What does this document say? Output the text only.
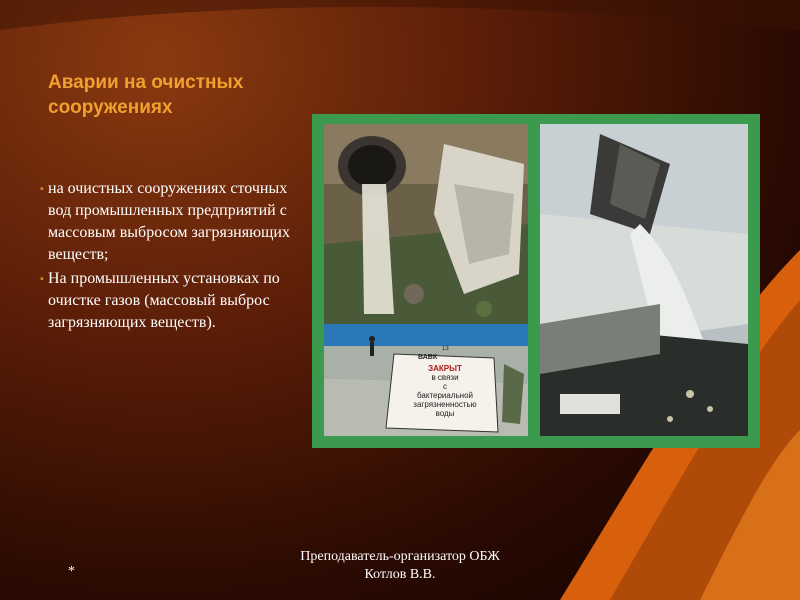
Аварии на очистных сооружениях
▪ на очистных сооружениях сточных вод промышленных предприятий с массовым выбросом загрязняющих веществ;
▪ На промышленных установках по очистке газов (массовый выброс загрязняющих веществ).
ВАВК
13
ЗАКРЫТ
в связи
с
бактериальной
загрязненностью
воды
*
Преподаватель-организатор ОБЖ
Котлов В.В.
